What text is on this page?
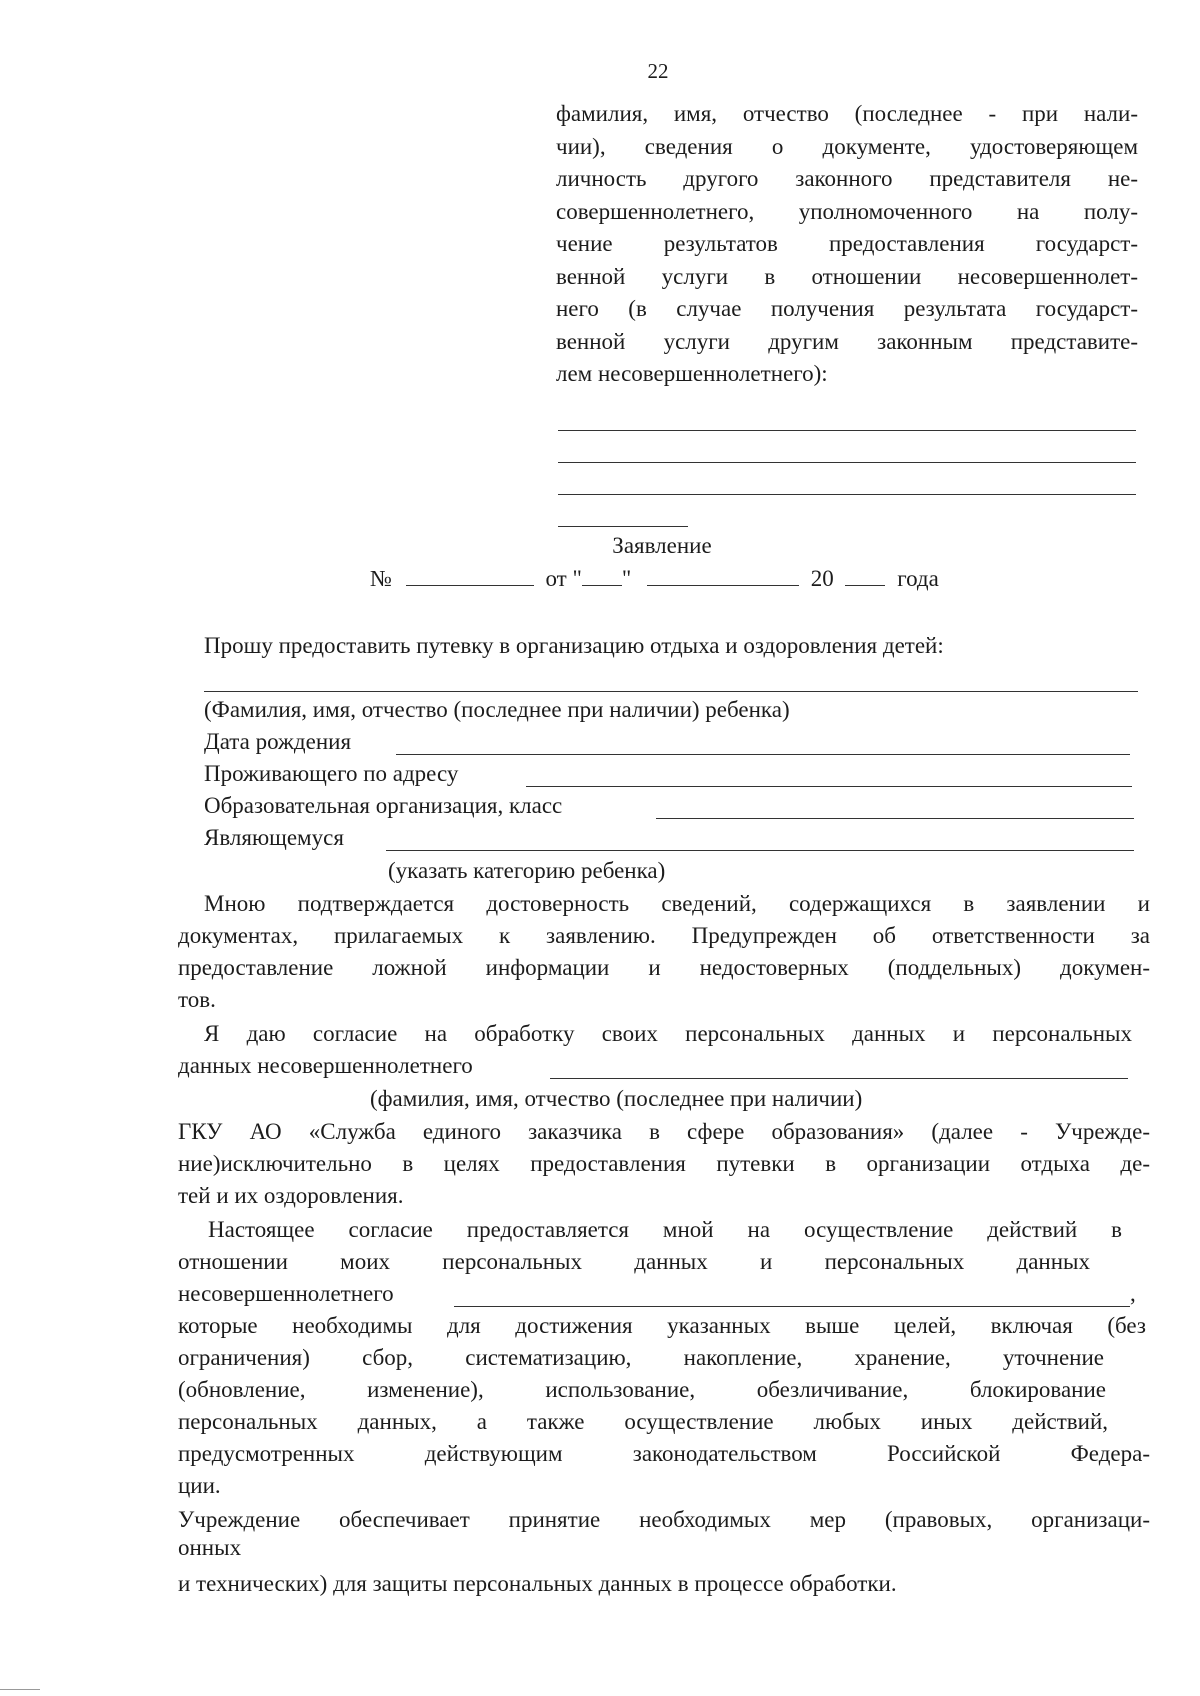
22
фамилия, имя, отчество (последнее - при нали-
чии), сведения о документе, удостоверяющем
личность другого законного представителя не-
совершеннолетнего, уполномоченного на полу-
чение результатов предоставления государст-
венной услуги в отношении несовершеннолет-
него (в случае получения результата государст-
венной услуги другим законным представите-
лем несовершеннолетнего):
Заявление
№	от " "	20	года
Прошу предоставить путевку в организацию отдыха и оздоровления детей:
(Фамилия, имя, отчество (последнее при наличии) ребенка)
Дата рождения
Проживающего по адресу
Образовательная организация, класс
Являющемуся
(указать категорию ребенка)
Мною подтверждается достоверность сведений, содержащихся в заявлении и
документах, прилагаемых к заявлению. Предупрежден об ответственности за
предоставление ложной информации и недостоверных (поддельных) докумен-
тов.
Я даю согласие на обработку своих персональных данных и персональных
данных несовершеннолетнего
(фамилия, имя, отчество (последнее при наличии)
ГКУ АО «Служба единого заказчика в сфере образования» (далее - Учрежде-
ние)исключительно в целях предоставления путевки в организации отдыха де-
тей и их оздоровления.
Настоящее согласие предоставляется мной на осуществление действий в
отношении моих персональных данных и персональных данных
несовершеннолетнего	,
которые необходимы для достижения указанных выше целей, включая (без
ограничения) сбор, систематизацию, накопление, хранение, уточнение
(обновление, изменение), использование, обезличивание, блокирование
персональных данных, а также осуществление любых иных действий,
предусмотренных действующим законодательством Российской Федера-
ции.
Учреждение обеспечивает принятие необходимых мер (правовых, организаци-
онных
и технических) для защиты персональных данных в процессе обработки.
